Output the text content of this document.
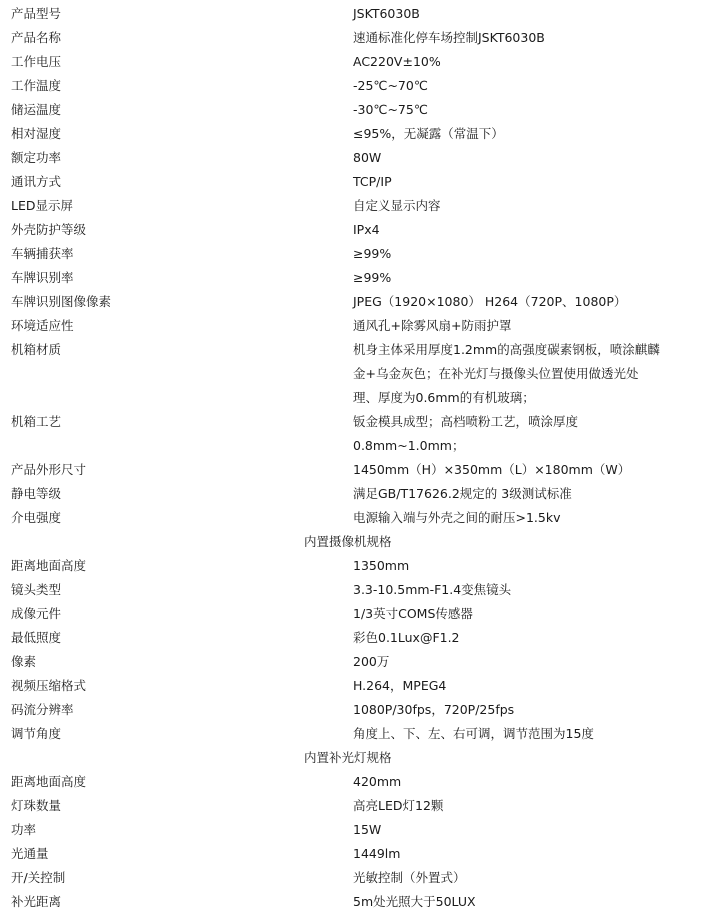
产品型号	JSKT6030B
产品名称	速通标准化停车场控制JSKT6030B
工作电压	AC220V±10%
工作温度	-25℃~70℃
储运温度	-30℃~75℃
相对湿度	≤95%，无凝露（常温下）
额定功率	80W
通讯方式	TCP/IP
LED显示屏	自定义显示内容
外壳防护等级	IPx4
车辆捕获率	≥99%
车牌识别率	≥99%
车牌识别图像像素	JPEG（1920×1080） H264（720P、1080P）
环境适应性	通风孔+除雾风扇+防雨护罩
机箱材质	机身主体采用厚度1.2mm的高强度碳素钢板，喷涂麒麟
金+乌金灰色；在补光灯与摄像头位置使用做透光处
理、厚度为0.6mm的有机玻璃；
机箱工艺	钣金模具成型；高档喷粉工艺，喷涂厚度
0.8mm~1.0mm；
产品外形尺寸	1450mm（H）×350mm（L）×180mm（W）
静电等级	满足GB/T17626.2规定的 3级测试标准
介电强度	电源输入端与外壳之间的耐压>1.5kv
内置摄像机规格
距离地面高度	1350mm
镜头类型	3.3-10.5mm-F1.4变焦镜头
成像元件	1/3英寸COMS传感器
最低照度	彩色0.1Lux@F1.2
像素	200万
视频压缩格式	H.264，MPEG4
码流分辨率	1080P/30fps，720P/25fps
调节角度	角度上、下、左、右可调，调节范围为15度
内置补光灯规格
距离地面高度	420mm
灯珠数量	高亮LED灯12颗
功率	15W
光通量	1449lm
开/关控制	光敏控制（外置式）
补光距离	5m处光照大于50LUX
